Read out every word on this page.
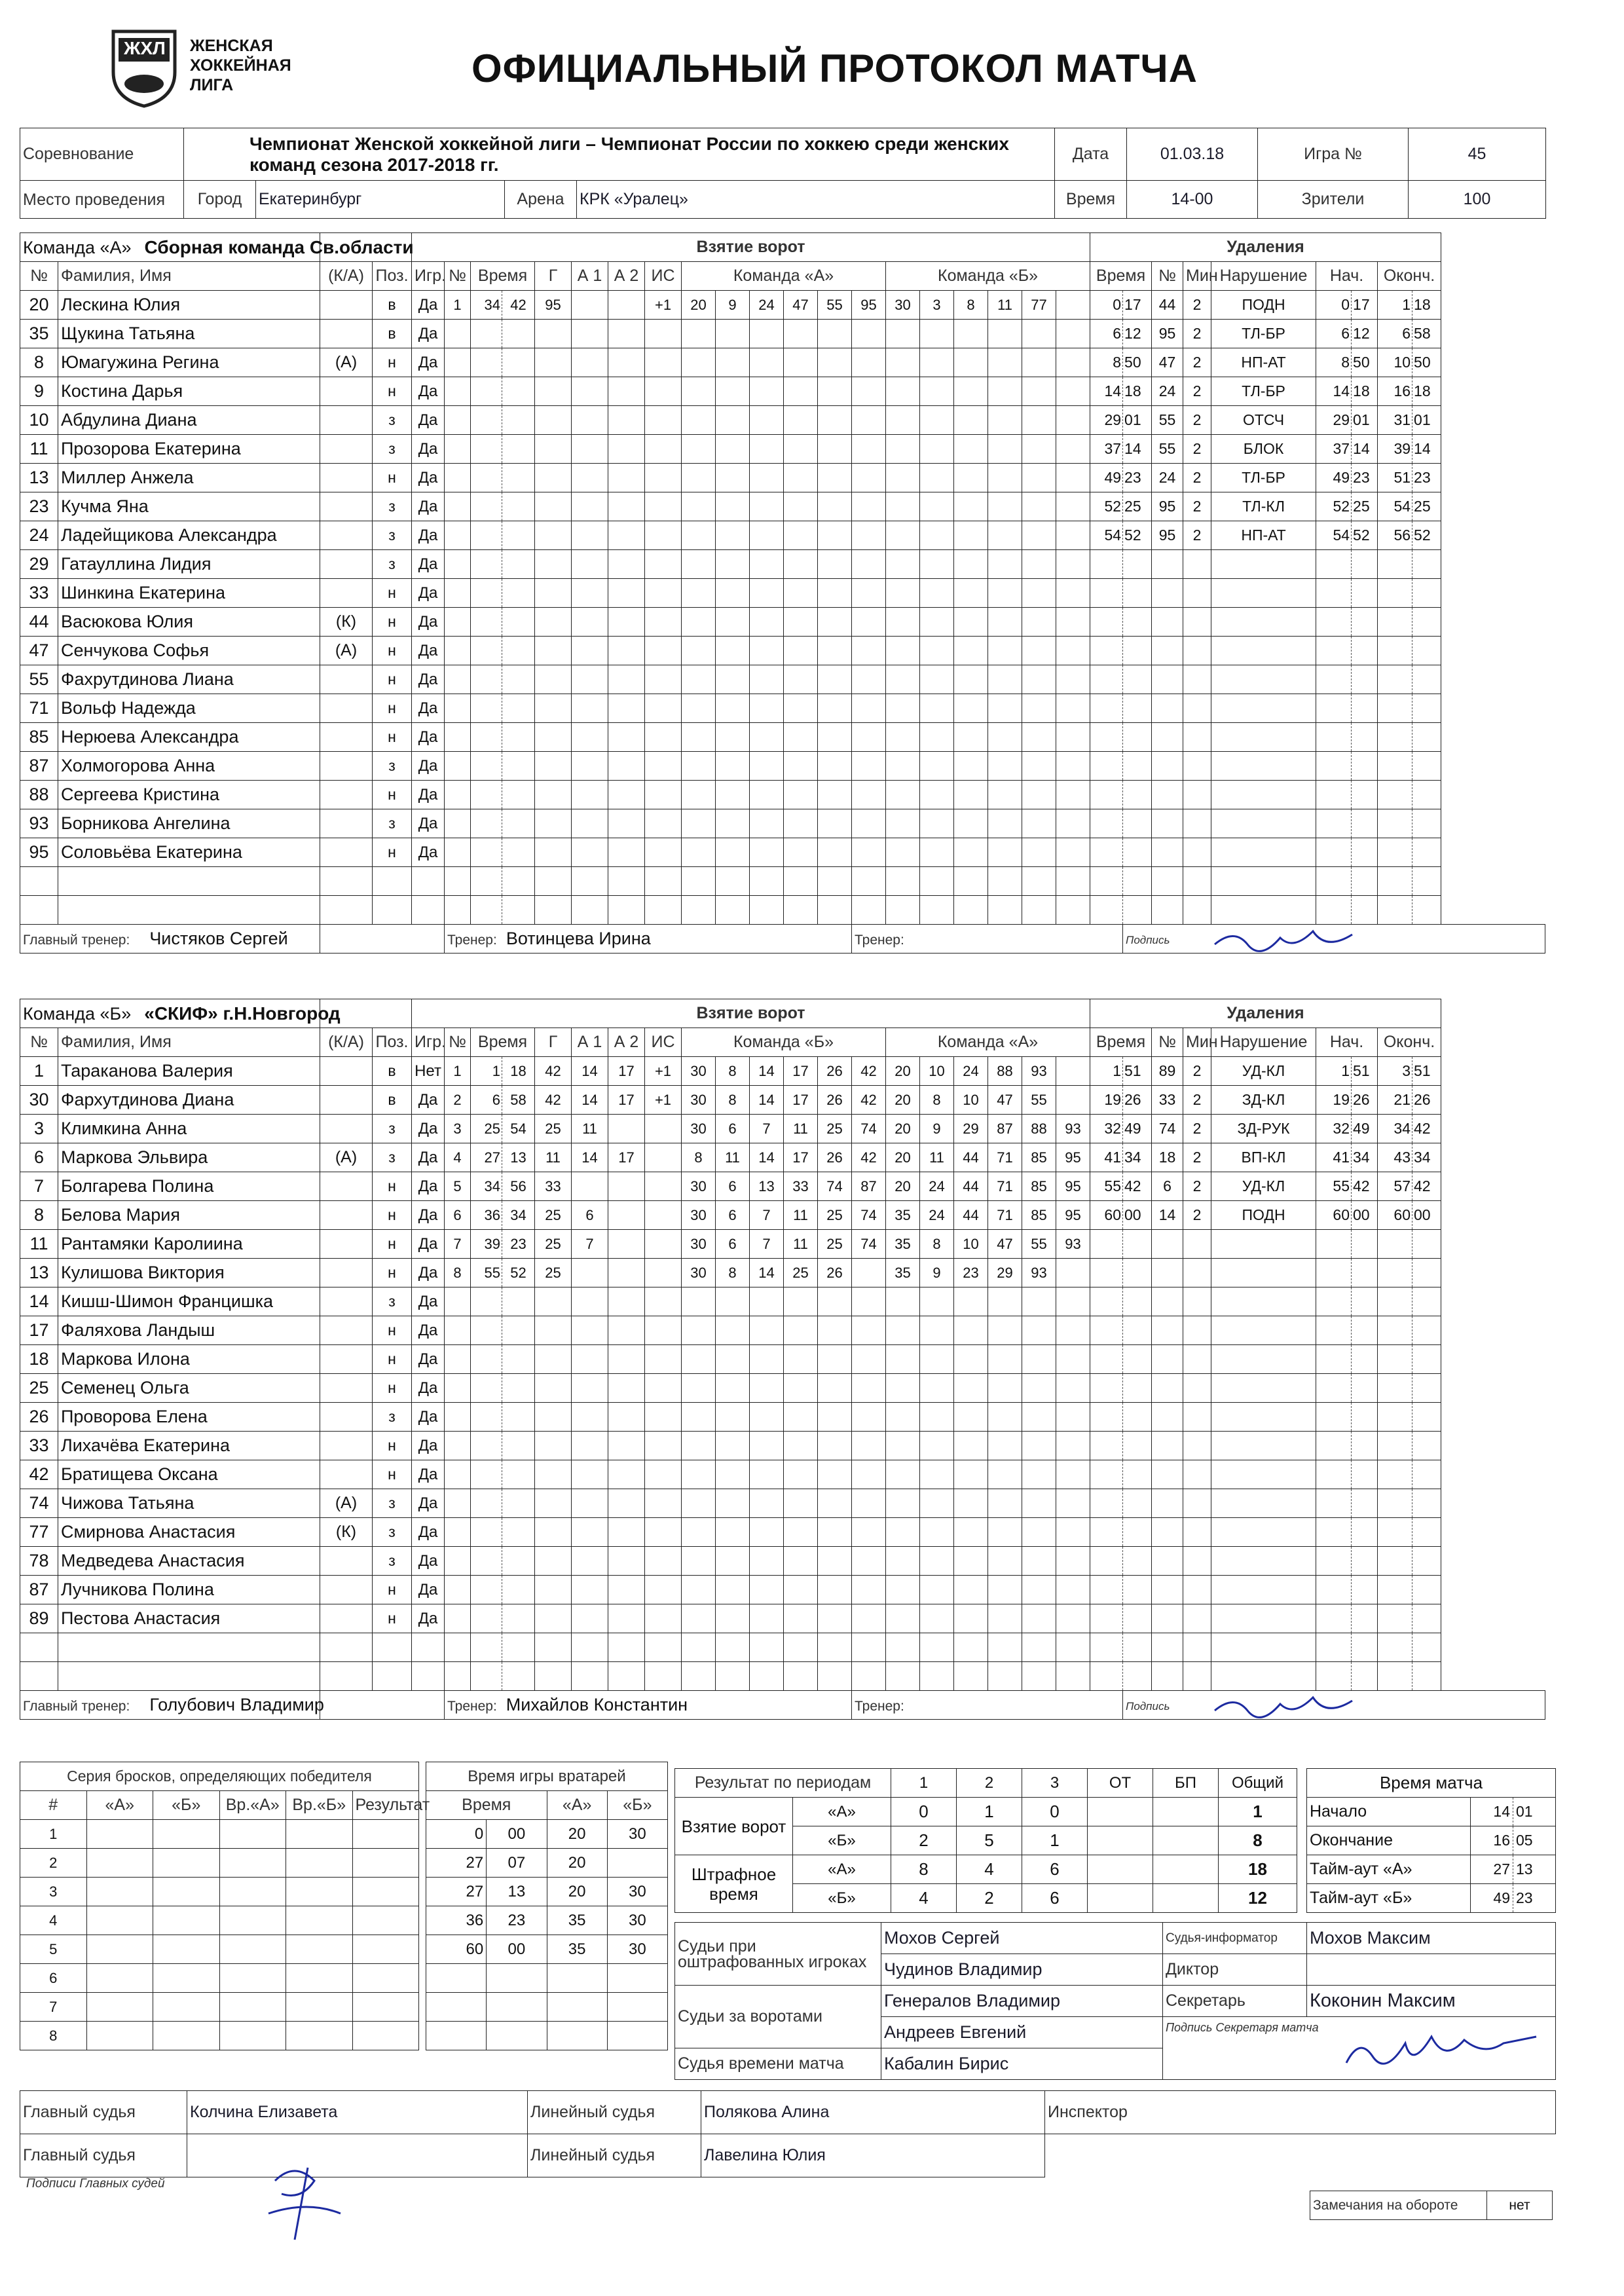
ЖХЛ ЖЕНСКАЯ
ХОККЕЙНАЯ
ЛИГА	ОФИЦИАЛЬНЫЙ ПРОТОКОЛ МАТЧА
Соревнование	Чемпионат Женской хоккейной лиги – Чемпионат России по хоккею среди женских команд сезона 2017-2018 гг.	Дата	01.03.18	Игра №	45
Место проведения	Город	Екатеринбург	Арена	КРК «Уралец»	Время	14-00	Зрители	100
Команда «А» Сборная команда Св.области				Взятие ворот																				Удаления								
№	Фамилия, Имя	(К/А)	Поз.	Игр.	№	Время		Г	А 1	А 2	ИС	Команда «А»						Команда «Б»						Время		№	Мин	Нарушение	Нач.		Оконч.	
20	Лескина Юлия		в	Да	1	34	42	95			+1	20	9	24	47	55	95	30	3	8	11	77		0	17	44	2	ПОДН	0	17	1	18
35	Щукина Татьяна		в	Да																				6	12	95	2	ТЛ-БР	6	12	6	58
8	Юмагужина Регина	(А)	н	Да																				8	50	47	2	НП-АТ	8	50	10	50
9	Костина Дарья		н	Да																				14	18	24	2	ТЛ-БР	14	18	16	18
10	Абдулина Диана		з	Да																				29	01	55	2	ОТСЧ	29	01	31	01
11	Прозорова Екатерина		з	Да																				37	14	55	2	БЛОК	37	14	39	14
13	Миллер Анжела		н	Да																				49	23	24	2	ТЛ-БР	49	23	51	23
23	Кучма Яна		з	Да																				52	25	95	2	ТЛ-КЛ	52	25	54	25
24	Ладейщикова Александра		з	Да																				54	52	95	2	НП-АТ	54	52	56	52
29	Гатауллина Лидия		з	Да																												
33	Шинкина Екатерина		н	Да																												
44	Васюкова Юлия	(К)	н	Да																												
47	Сенчукова Софья	(А)	н	Да																												
55	Фахрутдинова Лиана		н	Да																												
71	Вольф Надежда		н	Да																												
85	Нерюева Александра		н	Да																												
87	Холмогорова Анна		з	Да																												
88	Сергеева Кристина		н	Да																												
93	Борникова Ангелина		з	Да																												
95	Соловьёва Екатерина		н	Да																												

Главный тренер: Чистяков Сергей					Тренер: Вотинцева Ирина												Тренер:								Подпись							
Команда «Б» «СКИФ» г.Н.Новгород				Взятие ворот																				Удаления								
№	Фамилия, Имя	(К/А)	Поз.	Игр.	№	Время		Г	А 1	А 2	ИС	Команда «Б»						Команда «А»						Время		№	Мин	Нарушение	Нач.		Оконч.	
1	Тараканова Валерия		в	Нет	1	1	18	42	14	17	+1	30	8	14	17	26	42	20	10	24	88	93		1	51	89	2	УД-КЛ	1	51	3	51
30	Фархутдинова Диана		в	Да	2	6	58	42	14	17	+1	30	8	14	17	26	42	20	8	10	47	55		19	26	33	2	ЗД-КЛ	19	26	21	26
3	Климкина Анна		з	Да	3	25	54	25	11			30	6	7	11	25	74	20	9	29	87	88	93	32	49	74	2	ЗД-РУК	32	49	34	42
6	Маркова Эльвира	(А)	з	Да	4	27	13	11	14	17		8	11	14	17	26	42	20	11	44	71	85	95	41	34	18	2	ВП-КЛ	41	34	43	34
7	Болгарева Полина		н	Да	5	34	56	33				30	6	13	33	74	87	20	24	44	71	85	95	55	42	6	2	УД-КЛ	55	42	57	42
8	Белова Мария		н	Да	6	36	34	25	6			30	6	7	11	25	74	35	24	44	71	85	95	60	00	14	2	ПОДН	60	00	60	00
11	Рантамяки Каролиина		н	Да	7	39	23	25	7			30	6	7	11	25	74	35	8	10	47	55	93									
13	Кулишова Виктория		н	Да	8	55	52	25				30	8	14	25	26		35	9	23	29	93										
14	Кишш-Шимон Францишка		з	Да																												
17	Фаляхова Ландыш		н	Да																												
18	Маркова Илона		н	Да																												
25	Семенец Ольга		н	Да																												
26	Проворова Елена		з	Да																												
33	Лихачёва Екатерина		н	Да																												
42	Братищева Оксана		н	Да																												
74	Чижова Татьяна	(А)	з	Да																												
77	Смирнова Анастасия	(К)	з	Да																												
78	Медведева Анастасия		з	Да																												
87	Лучникова Полина		н	Да																												
89	Пестова Анастасия		н	Да																												

Главный тренер: Голубович Владимир					Тренер: Михайлов Константин												Тренер:								Подпись							
Серия бросков, определяющих победителя					
#	«А»	«Б»	Вр.«А»	Вр.«Б»	Результат
1					
2					
3					
4					
5					
6					
7					
8					
Время игры вратарей			
Время		«А»	«Б»
0	00	20	30
27	07	20	
27	13	20	30
36	23	35	30
60	00	35	30

Результат по периодам		1	2	3	ОТ	БП	Общий
Взятие ворот	«А»	0	1	0			1
	«Б»	2	5	1			8
Штрафное время	«А»	8	4	6			18
	«Б»	4	2	6			12
Время матча		
Начало	14	01
Окончание	16	05
Тайм-аут «А»	27	13
Тайм-аут «Б»	49	23
Судьи при оштрафованных игроках	Мохов Сергей	Судья-информатор	Мохов Максим
	Чудинов Владимир	Диктор	
Судьи за воротами	Генералов Владимир	Секретарь	Коконин Максим
	Андреев Евгений	Подпись Секретаря матча	

Судья времени матча	Кабалин Бирис		
Главный судья	Колчина Елизавета	Линейный судья	Полякова Алина	Инспектор
Главный судья		Линейный судья	Лавелина Юлия	
Подписи Главных судей
Замечания на обороте	нет
